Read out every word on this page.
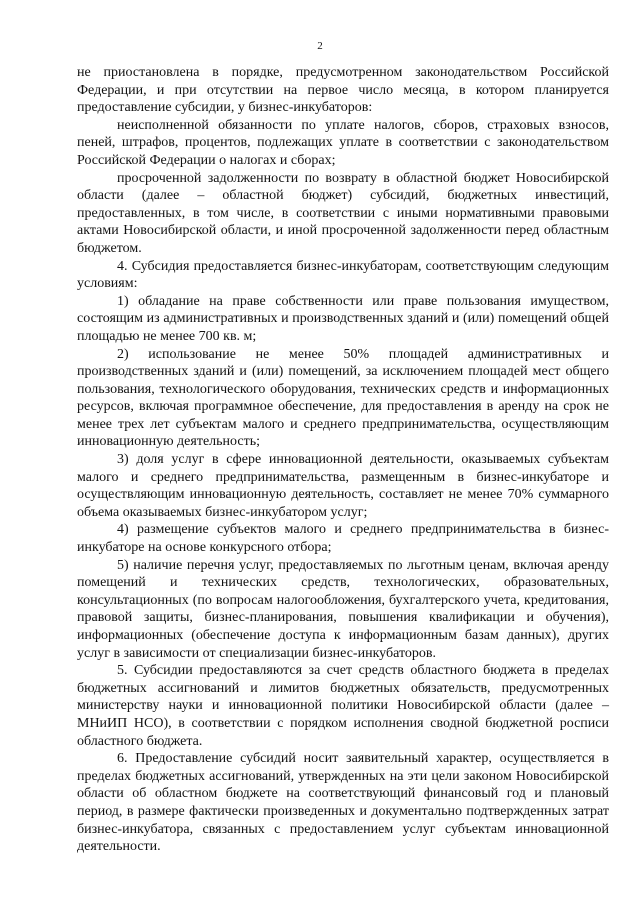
2

не приостановлена в порядке, предусмотренном законодательством Российской Федерации, и при отсутствии на первое число месяца, в котором планируется предоставление субсидии, у бизнес-инкубаторов:

неисполненной обязанности по уплате налогов, сборов, страховых взносов, пеней, штрафов, процентов, подлежащих уплате в соответствии с законодательством Российской Федерации о налогах и сборах;

просроченной задолженности по возврату в областной бюджет Новосибирской области (далее – областной бюджет) субсидий, бюджетных инвестиций, предоставленных, в том числе, в соответствии с иными нормативными правовыми актами Новосибирской области, и иной просроченной задолженности перед областным бюджетом.

4. Субсидия предоставляется бизнес-инкубаторам, соответствующим следующим условиям:

1) обладание на праве собственности или праве пользования имуществом, состоящим из административных и производственных зданий и (или) помещений общей площадью не менее 700 кв. м;

2) использование не менее 50% площадей административных и производственных зданий и (или) помещений, за исключением площадей мест общего пользования, технологического оборудования, технических средств и информационных ресурсов, включая программное обеспечение, для предоставления в аренду на срок не менее трех лет субъектам малого и среднего предпринимательства, осуществляющим инновационную деятельность;

3) доля услуг в сфере инновационной деятельности, оказываемых субъектам малого и среднего предпринимательства, размещенным в бизнес-инкубаторе и осуществляющим инновационную деятельность, составляет не менее 70% суммарного объема оказываемых бизнес-инкубатором услуг;

4) размещение субъектов малого и среднего предпринимательства в бизнес-инкубаторе на основе конкурсного отбора;

5) наличие перечня услуг, предоставляемых по льготным ценам, включая аренду помещений и технических средств, технологических, образовательных, консультационных (по вопросам налогообложения, бухгалтерского учета, кредитования, правовой защиты, бизнес-планирования, повышения квалификации и обучения), информационных (обеспечение доступа к информационным базам данных), других услуг в зависимости от специализации бизнес-инкубаторов.

5. Субсидии предоставляются за счет средств областного бюджета в пределах бюджетных ассигнований и лимитов бюджетных обязательств, предусмотренных министерству науки и инновационной политики Новосибирской области (далее – МНиИП НСО), в соответствии с порядком исполнения сводной бюджетной росписи областного бюджета.

6. Предоставление субсидий носит заявительный характер, осуществляется в пределах бюджетных ассигнований, утвержденных на эти цели законом Новосибирской области об областном бюджете на соответствующий финансовый год и плановый период, в размере фактически произведенных и документально подтвержденных затрат бизнес-инкубатора, связанных с предоставлением услуг субъектам инновационной деятельности.
